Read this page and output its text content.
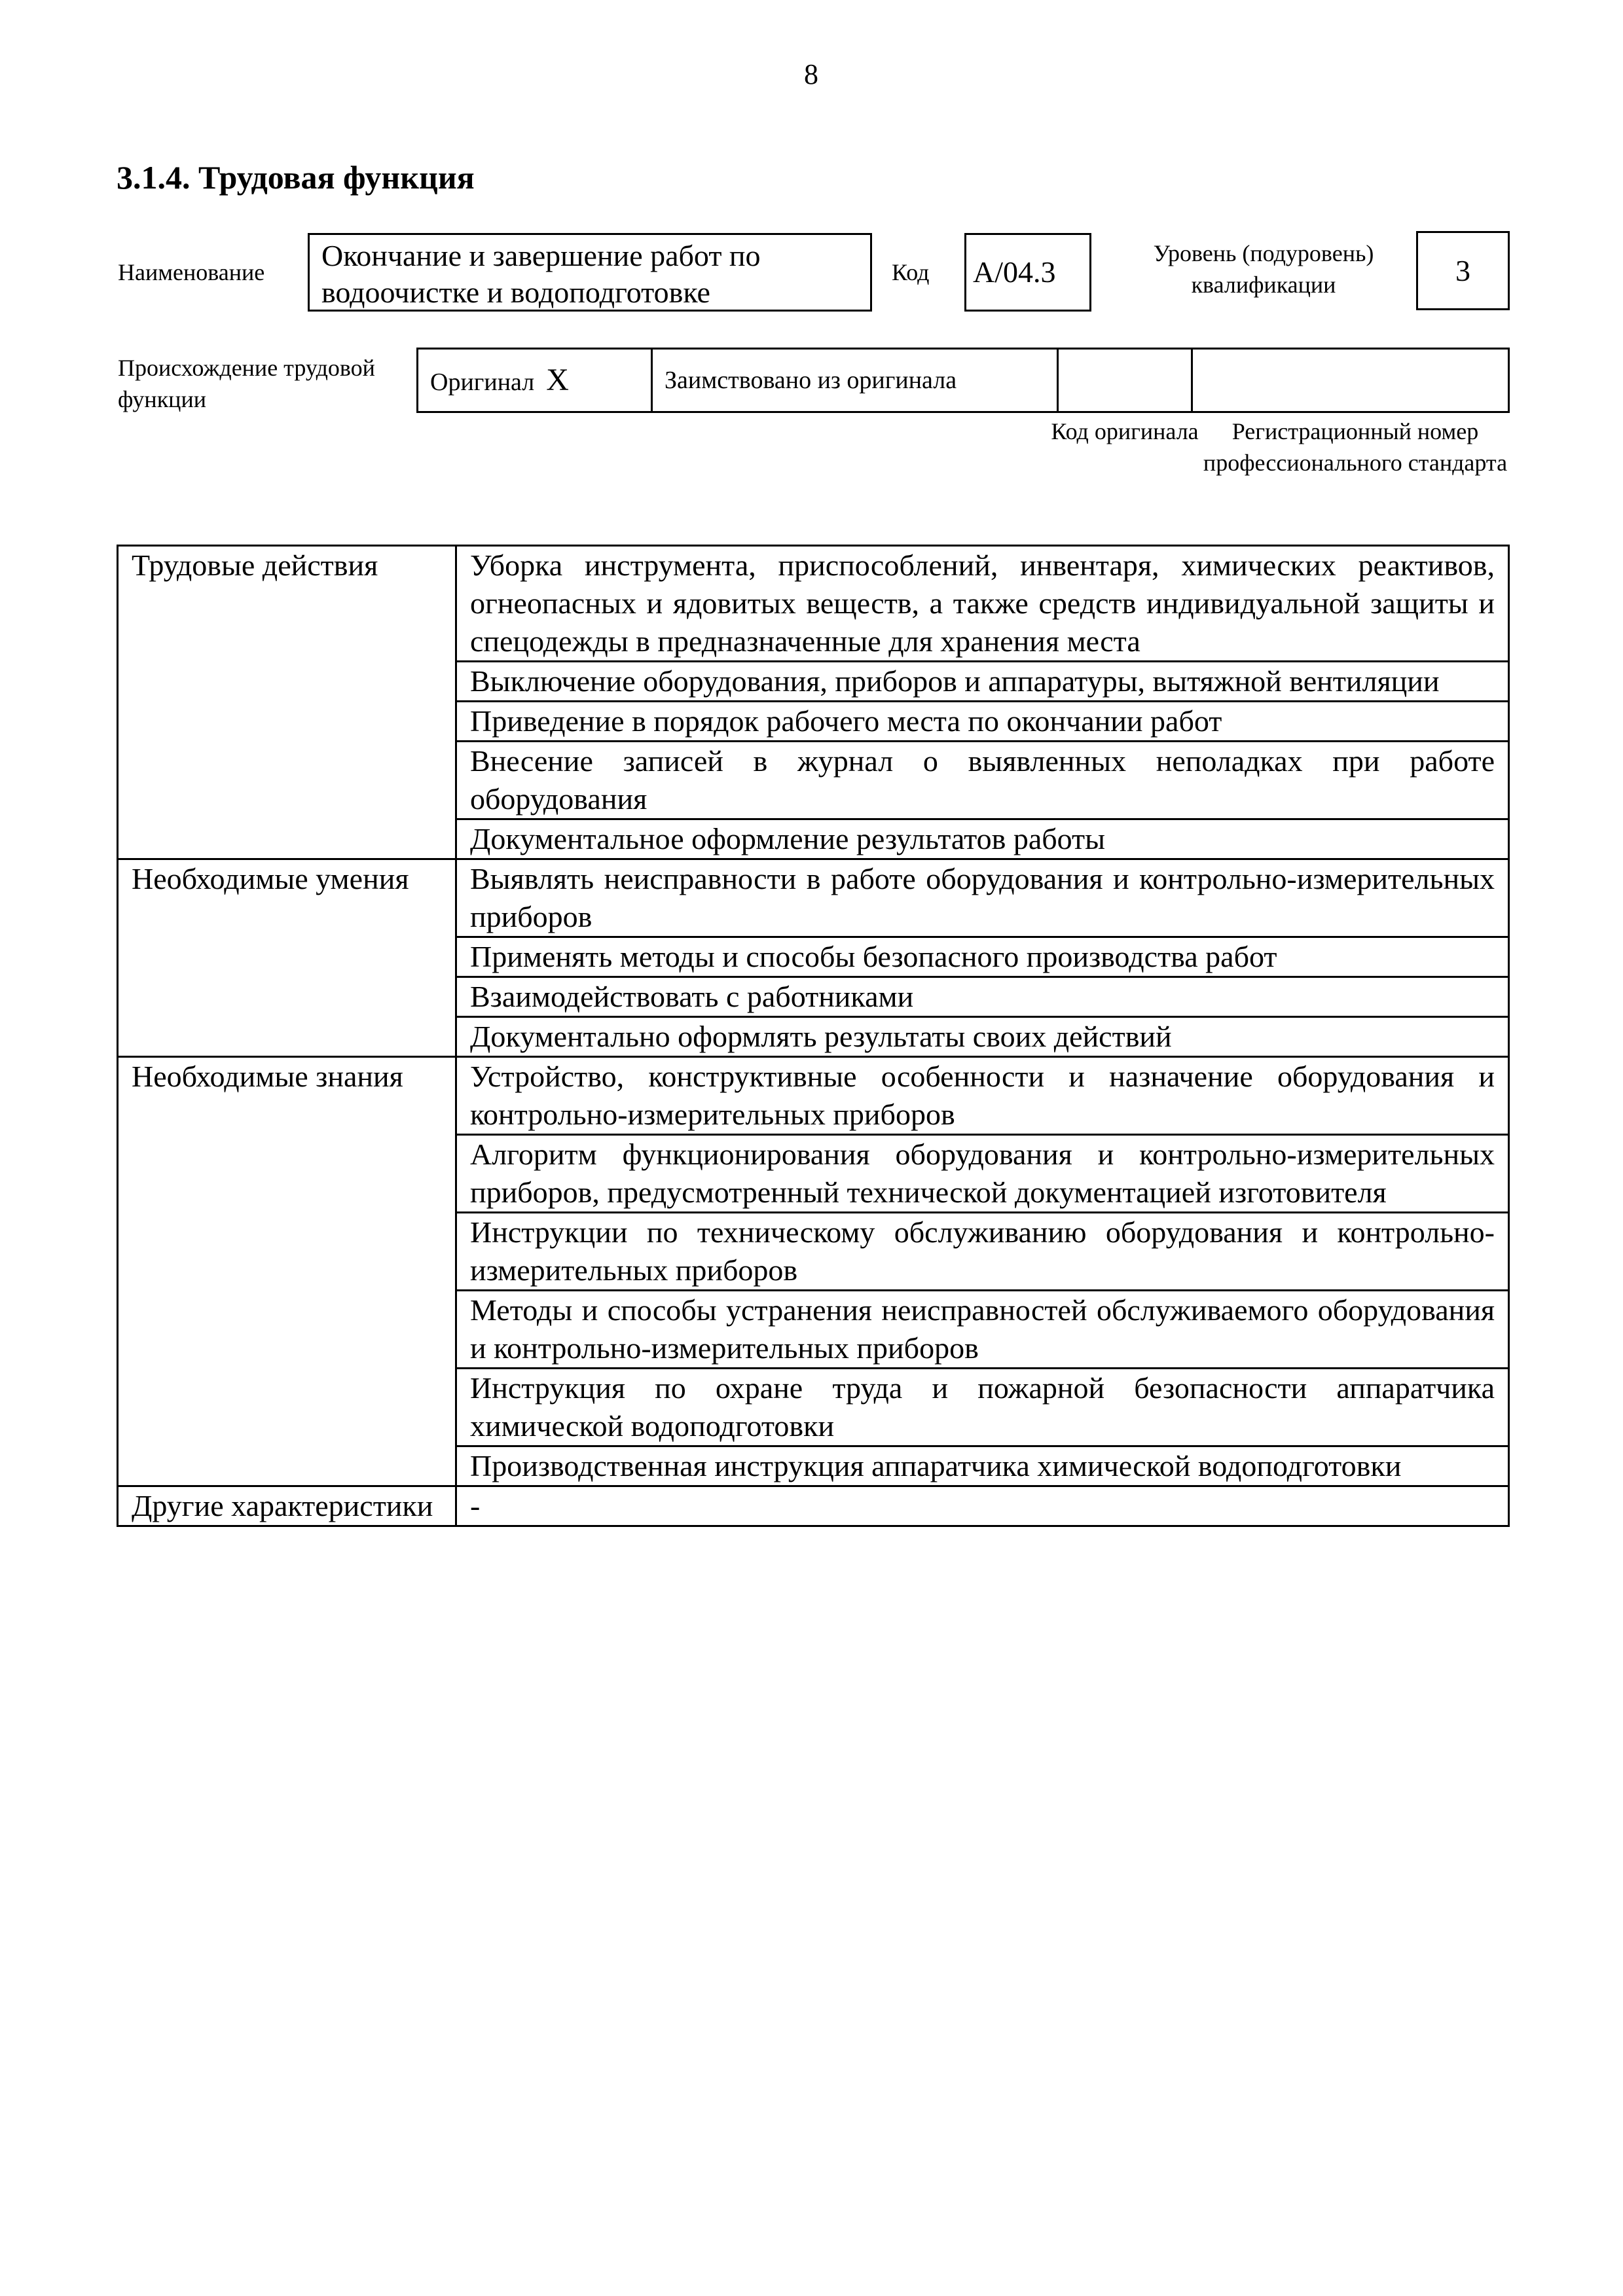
8
3.1.4. Трудовая функция
Наименование	Окончание и завершение работ по водоочистке и водоподготовке
Код A/04.3
Уровень (подуровень) квалификации	3
Происхождение трудовой функции
Оригинал X	Заимствовано из оригинала
Код оригинала	Регистрационный номер профессионального стандарта
Трудовые действия	Уборка инструмента, приспособлений, инвентаря, химических реактивов, огнеопасных и ядовитых веществ, а также средств индивидуальной защиты и спецодежды в предназначенные для хранения места
	Выключение оборудования, приборов и аппаратуры, вытяжной вентиляции
	Приведение в порядок рабочего места по окончании работ
	Внесение записей в журнал о выявленных неполадках при работе оборудования
	Документальное оформление результатов работы
Необходимые умения	Выявлять неисправности в работе оборудования и контрольно-измерительных приборов
	Применять методы и способы безопасного производства работ
	Взаимодействовать с работниками
	Документально оформлять результаты своих действий
Необходимые знания	Устройство, конструктивные особенности и назначение оборудования и контрольно-измерительных приборов
	Алгоритм функционирования оборудования и контрольно-измерительных приборов, предусмотренный технической документацией изготовителя
	Инструкции по техническому обслуживанию оборудования и контрольно-измерительных приборов
	Методы и способы устранения неисправностей обслуживаемого оборудования и контрольно-измерительных приборов
	Инструкция по охране труда и пожарной безопасности аппаратчика химической водоподготовки
	Производственная инструкция аппаратчика химической водоподготовки
Другие характеристики	-
